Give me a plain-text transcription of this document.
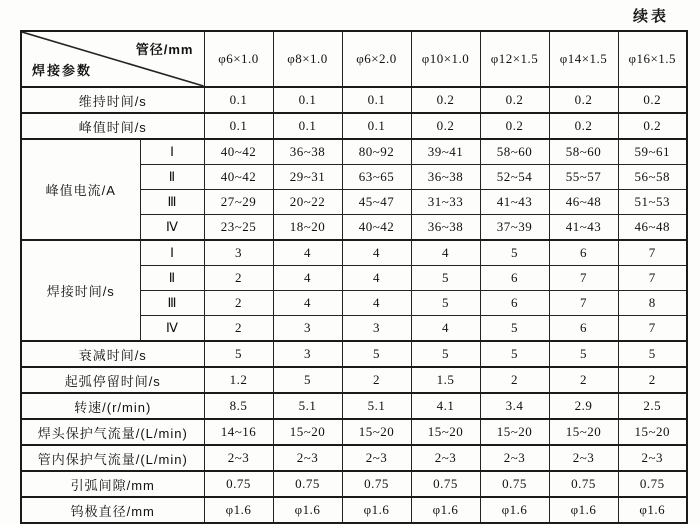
续表
管径/mm
焊接参数		φ6×1.0	φ8×1.0	φ6×2.0	φ10×1.0	φ12×1.5	φ14×1.5	φ16×1.5
维持时间/s		0.1	0.1	0.1	0.2	0.2	0.2	0.2
峰值时间/s		0.1	0.1	0.1	0.2	0.2	0.2	0.2
峰值电流/A	Ⅰ	40~42	36~38	80~92	39~41	58~60	58~60	59~61
	Ⅱ	40~42	29~31	63~65	36~38	52~54	55~57	56~58
	Ⅲ	27~29	20~22	45~47	31~33	41~43	46~48	51~53
	Ⅳ	23~25	18~20	40~42	36~38	37~39	41~43	46~48
焊接时间/s	Ⅰ	3	4	4	4	5	6	7
	Ⅱ	2	4	4	5	6	7	7
	Ⅲ	2	4	4	5	6	7	8
	Ⅳ	2	3	3	4	5	6	7
衰减时间/s		5	3	5	5	5	5	5
起弧停留时间/s		1.2	5	2	1.5	2	2	2
转速/(r/min)		8.5	5.1	5.1	4.1	3.4	2.9	2.5
焊头保护气流量/(L/min)		14~16	15~20	15~20	15~20	15~20	15~20	15~20
管内保护气流量/(L/min)		2~3	2~3	2~3	2~3	2~3	2~3	2~3
引弧间隙/mm		0.75	0.75	0.75	0.75	0.75	0.75	0.75
钨极直径/mm		φ1.6	φ1.6	φ1.6	φ1.6	φ1.6	φ1.6	φ1.6
